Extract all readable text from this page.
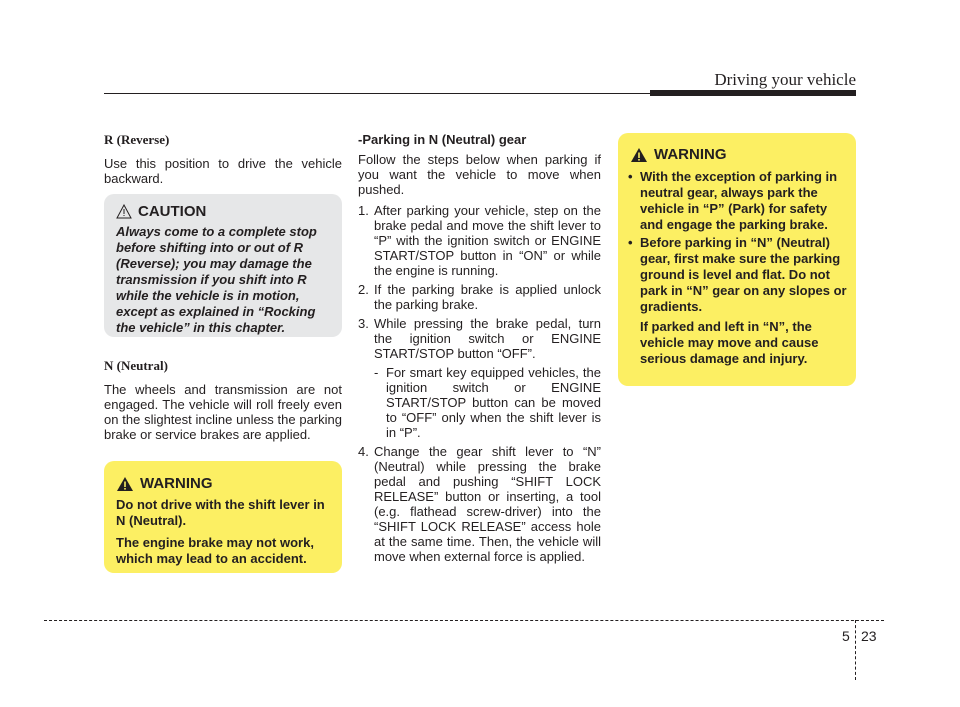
Driving your vehicle

R (Reverse)

Use this position to drive the vehicle backward.

CAUTION
Always come to a complete stop before shifting into or out of R (Reverse); you may damage the transmission if you shift into R while the vehicle is in motion, except as explained in “Rocking the vehicle” in this chapter.

N (Neutral)

The wheels and transmission are not engaged. The vehicle will roll freely even on the slightest incline unless the parking brake or service brakes are applied.

WARNING

Do not drive with the shift lever in N (Neutral).

The engine brake may not work, which may lead to an accident.

-Parking in N (Neutral) gear

Follow the steps below when parking if you want the vehicle to move when pushed.

1. After parking your vehicle, step on the brake pedal and move the shift lever to “P” with the ignition switch or ENGINE START/STOP button in “ON” or while the engine is running.
2. If the parking brake is applied unlock the parking brake.
3. While pressing the brake pedal, turn the ignition switch or ENGINE START/STOP button “OFF”.
- For smart key equipped vehicles, the ignition switch or ENGINE START/STOP button can be moved to “OFF” only when the shift lever is in “P”.
4. Change the gear shift lever to “N” (Neutral) while pressing the brake pedal and pushing “SHIFT LOCK RELEASE” button or inserting, a tool (e.g. flathead screw-driver) into the “SHIFT LOCK RELEASE” access hole at the same time. Then, the vehicle will move when external force is applied.
WARNING
• With the exception of parking in neutral gear, always park the vehicle in “P” (Park) for safety and engage the parking brake.
• Before parking in “N” (Neutral) gear, first make sure the parking ground is level and flat. Do not park in “N” gear on any slopes or gradients.

If parked and left in “N”, the vehicle may move and cause serious damage and injury.

5 23
